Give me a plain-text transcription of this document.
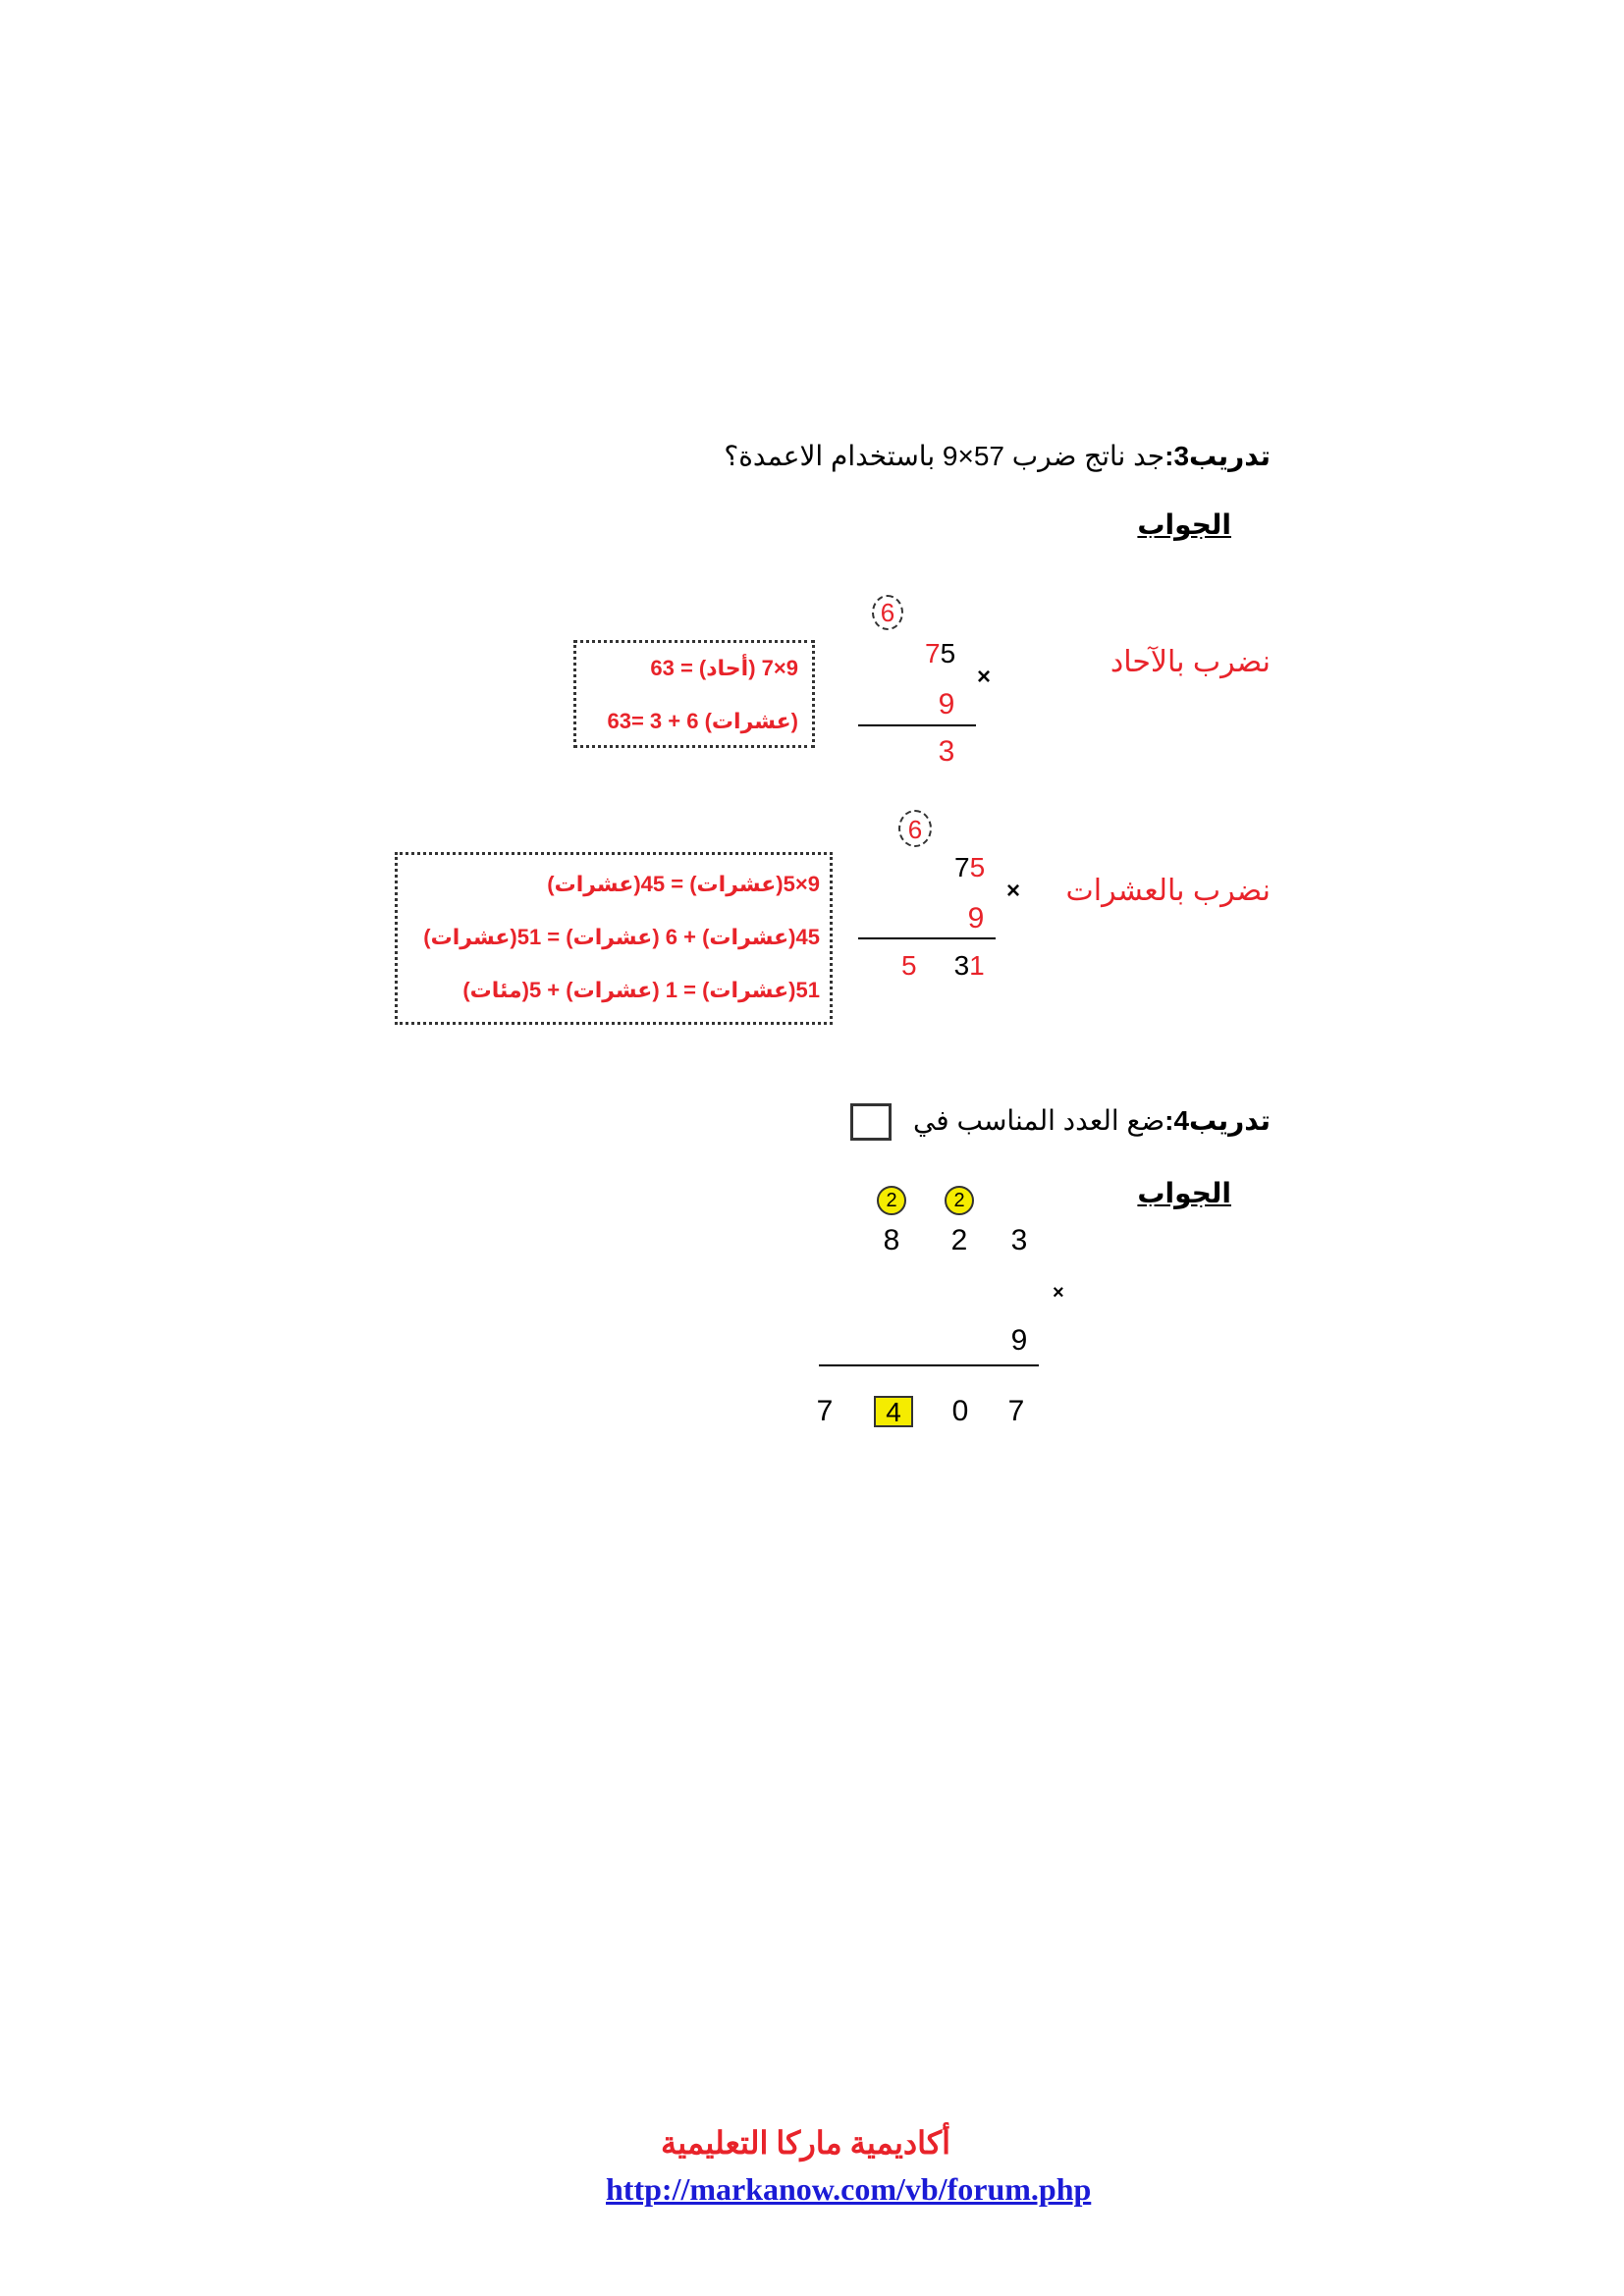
تدريب3:جد ناتج ضرب 57×9 باستخدام الاعمدة؟
الجواب
نضرب بالآحاد
6
75
×
9
3
9×7 (أحاد) = 63
(عشرات) 6 + 3 =63
نضرب بالعشرات
6
75
×
9
5 31
9×5(عشرات) = 45(عشرات)
45(عشرات) + 6 (عشرات) = 51(عشرات)
51(عشرات) = 1 (عشرات) + 5(مئات)
تدريب4:ضع العدد المناسب في
الجواب
2	2
8	2	3
×
9
7	4	0	7
أكاديمية ماركا التعليمية
http://markanow.com/vb/forum.php
